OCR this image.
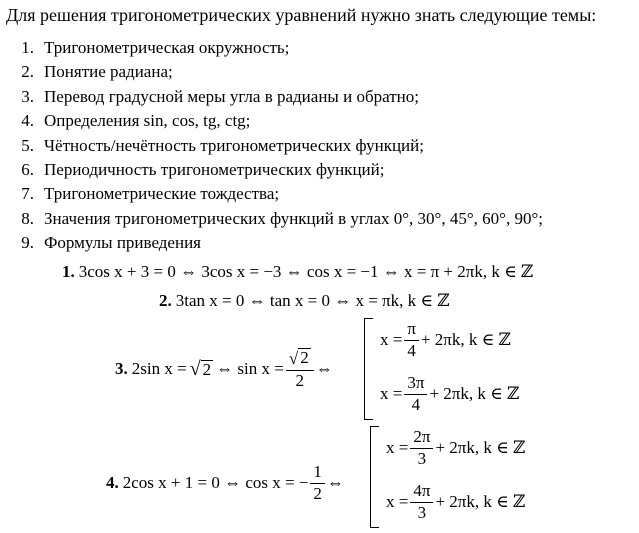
Для решения тригонометрических уравнений нужно знать следующие темы:
1. Тригонометрическая окружность;
2. Понятие радиана;
3. Перевод градусной меры угла в радианы и обратно;
4. Определения sin, cos, tg, ctg;
5. Чётность/нечётность тригонометрических функций;
6. Периодичность тригонометрических функций;
7. Тригонометрические тождества;
8. Значения тригонометрических функций в углах 0°, 30°, 45°, 60°, 90°;
9. Формулы приведения
1. 3cos x + 3 = 0 ⇔ 3cos x = −3 ⇔ cos x = −1 ⇔ x = π + 2πk, k ∈ ℤ
2. 3tan x = 0 ⇔ tan x = 0 ⇔ x = πk, k ∈ ℤ
3. 2sin x = √ 2 ⇔ $\sin x = \frac{√ 2}{2}$ ⇔
$x = \frac{\pi}{4} + 2\pi k$, k ∈ ℤ
$x = \frac{3\pi}{4} + 2\pi k$, k ∈ ℤ
4. 2cos x + 1 = 0 ⇔ cos x = − $\frac{1}{2}$ ⇔
$x = \frac{2\pi}{3} + 2\pi k$, k ∈ ℤ
$x = \frac{4\pi}{3} + 2\pi k$, k ∈ ℤ
